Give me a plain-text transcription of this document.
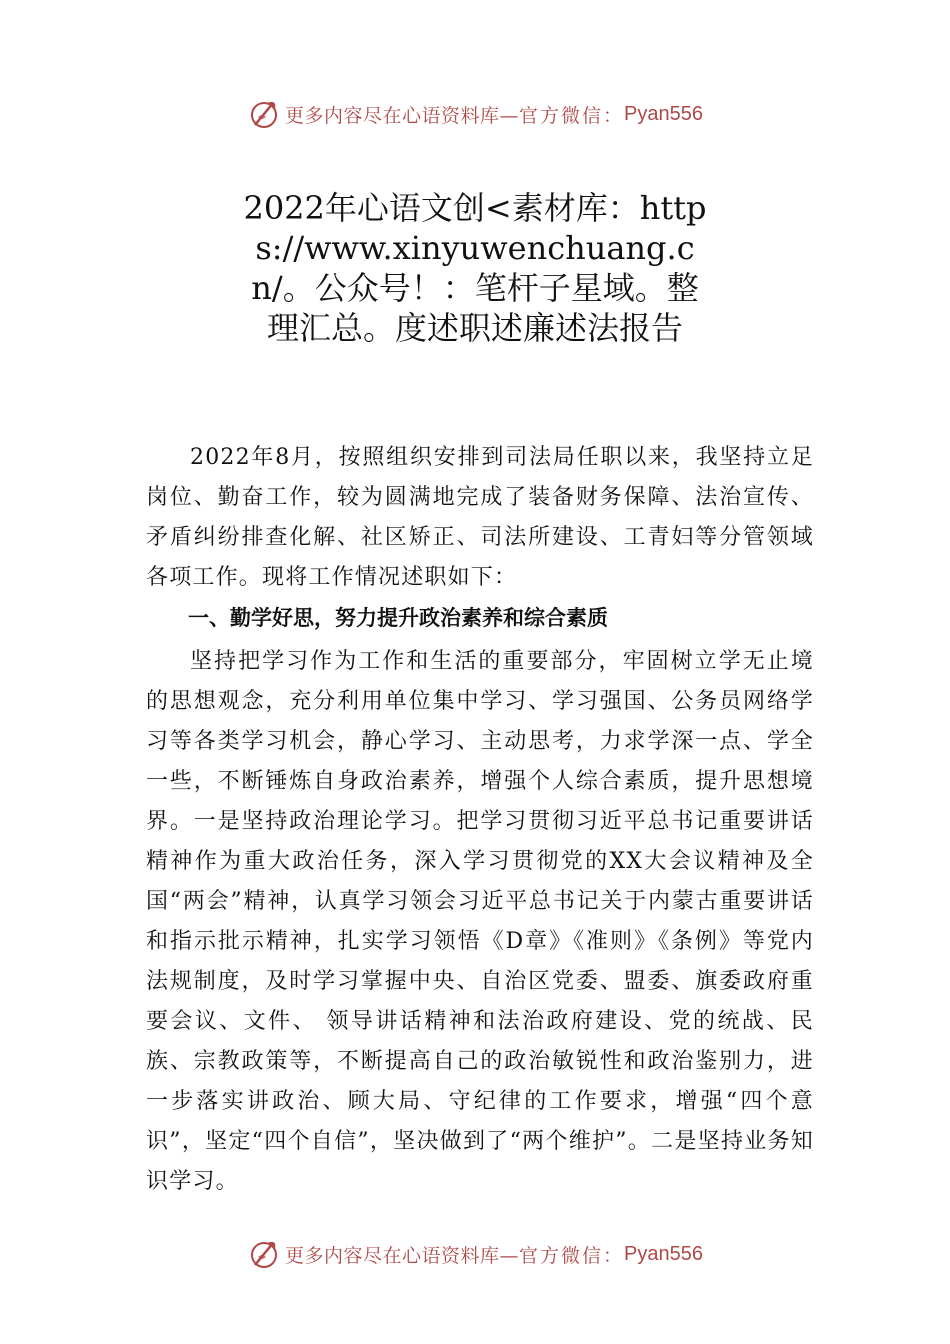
更多内容尽在心语资料库— 官方微信： Pyan556
2022年心语文创<素材库：https://www.xinyuwenchuang.cn/。公众号！：笔杆子星域。整理汇总。度述职述廉述法报告

2022年8月，按照组织安排到司法局任职以来，我坚持立足岗位、勤奋工作，较为圆满地完成了装备财务保障、法治宣传、矛盾纠纷排查化解、社区矫正、司法所建设、工青妇等分管领域各项工作。现将工作情况述职如下：

一、勤学好思，努力提升政治素养和综合素质

坚持把学习作为工作和生活的重要部分，牢固树立学无止境的思想观念，充分利用单位集中学习、学习强国、公务员网络学习等各类学习机会，静心学习、主动思考，力求学深一点、学全一些，不断锤炼自身政治素养，增强个人综合素质，提升思想境界。一是坚持政治理论学习。把学习贯彻习近平总书记重要讲话精神作为重大政治任务，深入学习贯彻党的XX大会议精神及全国“两会”精神，认真学习领会习近平总书记关于内蒙古重要讲话和指示批示精神，扎实学习领悟《D章》《准则》《条例》等党内法规制度，及时学习掌握中央、自治区党委、盟委、旗委政府重要会议、文件、 领导讲话精神和法治政府建设、党的统战、民族、宗教政策等，不断提高自己的政治敏锐性和政治鉴别力，进一步落实讲政治、顾大局、守纪律的工作要求，增强“四个意识”，坚定“四个自信”，坚决做到了“两个维护”。二是坚持业务知识学习。

更多内容尽在心语资料库— 官方微信： Pyan556
